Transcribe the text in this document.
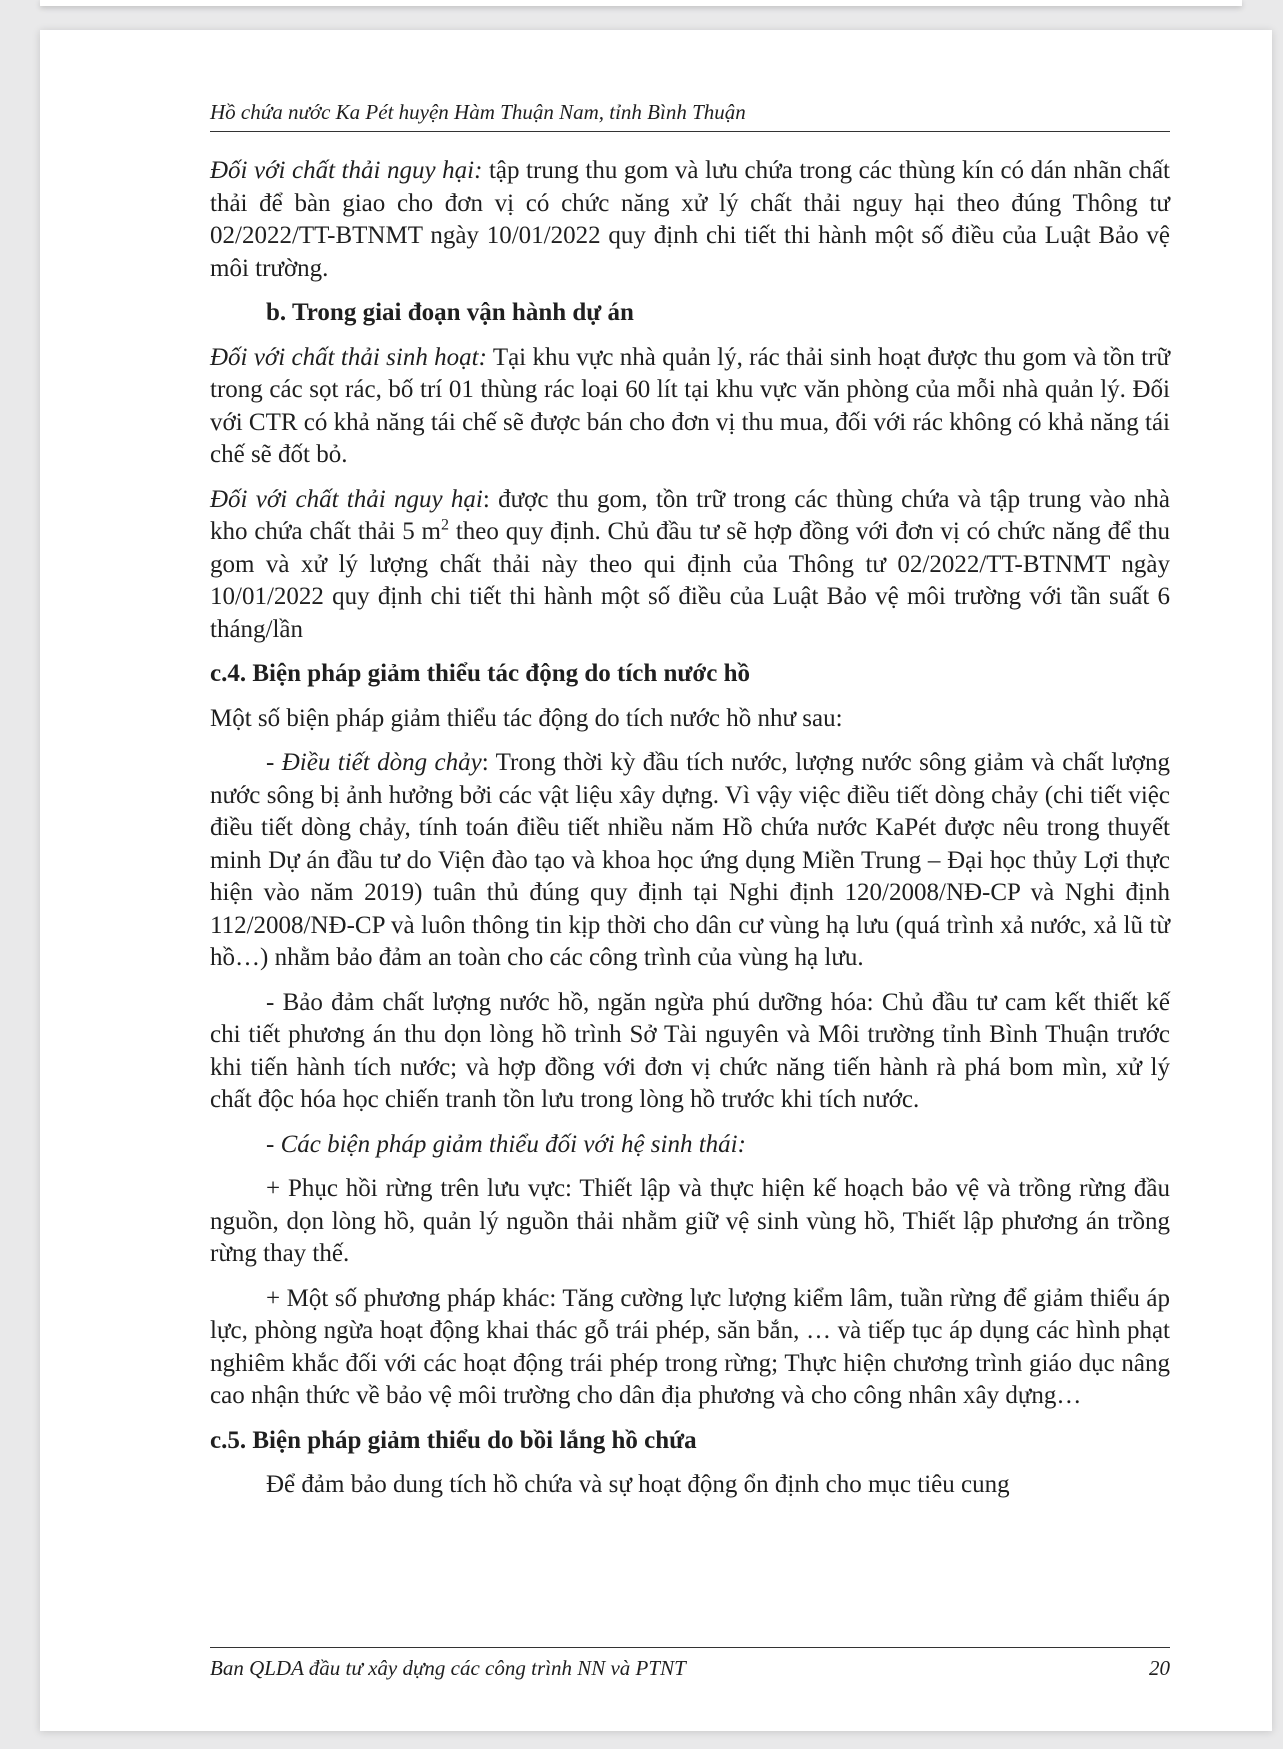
Hồ chứa nước Ka Pét huyện Hàm Thuận Nam, tỉnh Bình Thuận

Đối với chất thải nguy hại: tập trung thu gom và lưu chứa trong các thùng kín có dán nhãn chất thải để bàn giao cho đơn vị có chức năng xử lý chất thải nguy hại theo đúng Thông tư 02/2022/TT-BTNMT ngày 10/01/2022 quy định chi tiết thi hành một số điều của Luật Bảo vệ môi trường.

b. Trong giai đoạn vận hành dự án

Đối với chất thải sinh hoạt: Tại khu vực nhà quản lý, rác thải sinh hoạt được thu gom và tồn trữ trong các sọt rác, bố trí 01 thùng rác loại 60 lít tại khu vực văn phòng của mỗi nhà quản lý. Đối với CTR có khả năng tái chế sẽ được bán cho đơn vị thu mua, đối với rác không có khả năng tái chế sẽ đốt bỏ.

Đối với chất thải nguy hại: được thu gom, tồn trữ trong các thùng chứa và tập trung vào nhà kho chứa chất thải 5 $m^2$ theo quy định. Chủ đầu tư sẽ hợp đồng với đơn vị có chức năng để thu gom và xử lý lượng chất thải này theo qui định của Thông tư 02/2022/TT-BTNMT ngày 10/01/2022 quy định chi tiết thi hành một số điều của Luật Bảo vệ môi trường với tần suất 6 tháng/lần

c.4. Biện pháp giảm thiểu tác động do tích nước hồ

Một số biện pháp giảm thiểu tác động do tích nước hồ như sau:

- Điều tiết dòng chảy: Trong thời kỳ đầu tích nước, lượng nước sông giảm và chất lượng nước sông bị ảnh hưởng bởi các vật liệu xây dựng. Vì vậy việc điều tiết dòng chảy (chi tiết việc điều tiết dòng chảy, tính toán điều tiết nhiều năm Hồ chứa nước KaPét được nêu trong thuyết minh Dự án đầu tư do Viện đào tạo và khoa học ứng dụng Miền Trung – Đại học thủy Lợi thực hiện vào năm 2019) tuân thủ đúng quy định tại Nghi định 120/2008/NĐ-CP và Nghi định 112/2008/NĐ-CP và luôn thông tin kịp thời cho dân cư vùng hạ lưu (quá trình xả nước, xả lũ từ hồ…) nhằm bảo đảm an toàn cho các công trình của vùng hạ lưu.

- Bảo đảm chất lượng nước hồ, ngăn ngừa phú dưỡng hóa: Chủ đầu tư cam kết thiết kế chi tiết phương án thu dọn lòng hồ trình Sở Tài nguyên và Môi trường tỉnh Bình Thuận trước khi tiến hành tích nước; và hợp đồng với đơn vị chức năng tiến hành rà phá bom mìn, xử lý chất độc hóa học chiến tranh tồn lưu trong lòng hồ trước khi tích nước.

- Các biện pháp giảm thiểu đối với hệ sinh thái:

+ Phục hồi rừng trên lưu vực: Thiết lập và thực hiện kế hoạch bảo vệ và trồng rừng đầu nguồn, dọn lòng hồ, quản lý nguồn thải nhằm giữ vệ sinh vùng hồ, Thiết lập phương án trồng rừng thay thế.

+ Một số phương pháp khác: Tăng cường lực lượng kiểm lâm, tuần rừng để giảm thiểu áp lực, phòng ngừa hoạt động khai thác gỗ trái phép, săn bắn, … và tiếp tục áp dụng các hình phạt nghiêm khắc đối với các hoạt động trái phép trong rừng; Thực hiện chương trình giáo dục nâng cao nhận thức về bảo vệ môi trường cho dân địa phương và cho công nhân xây dựng…

c.5. Biện pháp giảm thiểu do bồi lắng hồ chứa

Để đảm bảo dung tích hồ chứa và sự hoạt động ổn định cho mục tiêu cung

Ban QLDA đầu tư xây dựng các công trình NN và PTNT	20
